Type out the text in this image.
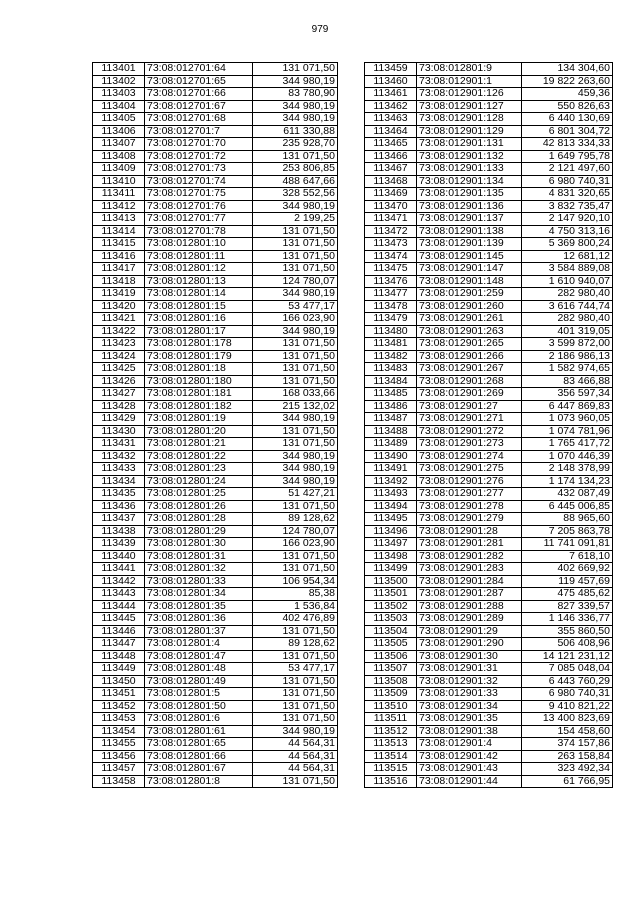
979
113401	73:08:012701:64	131 071,50
113402	73:08:012701:65	344 980,19
113403	73:08:012701:66	83 780,90
113404	73:08:012701:67	344 980,19
113405	73:08:012701:68	344 980,19
113406	73:08:012701:7	611 330,88
113407	73:08:012701:70	235 928,70
113408	73:08:012701:72	131 071,50
113409	73:08:012701:73	253 806,85
113410	73:08:012701:74	488 647,66
113411	73:08:012701:75	328 552,56
113412	73:08:012701:76	344 980,19
113413	73:08:012701:77	2 199,25
113414	73:08:012701:78	131 071,50
113415	73:08:012801:10	131 071,50
113416	73:08:012801:11	131 071,50
113417	73:08:012801:12	131 071,50
113418	73:08:012801:13	124 780,07
113419	73:08:012801:14	344 980,19
113420	73:08:012801:15	53 477,17
113421	73:08:012801:16	166 023,90
113422	73:08:012801:17	344 980,19
113423	73:08:012801:178	131 071,50
113424	73:08:012801:179	131 071,50
113425	73:08:012801:18	131 071,50
113426	73:08:012801:180	131 071,50
113427	73:08:012801:181	168 033,66
113428	73:08:012801:182	215 132,02
113429	73:08:012801:19	344 980,19
113430	73:08:012801:20	131 071,50
113431	73:08:012801:21	131 071,50
113432	73:08:012801:22	344 980,19
113433	73:08:012801:23	344 980,19
113434	73:08:012801:24	344 980,19
113435	73:08:012801:25	51 427,21
113436	73:08:012801:26	131 071,50
113437	73:08:012801:28	89 128,62
113438	73:08:012801:29	124 780,07
113439	73:08:012801:30	166 023,90
113440	73:08:012801:31	131 071,50
113441	73:08:012801:32	131 071,50
113442	73:08:012801:33	106 954,34
113443	73:08:012801:34	85,38
113444	73:08:012801:35	1 536,84
113445	73:08:012801:36	402 476,89
113446	73:08:012801:37	131 071,50
113447	73:08:012801:4	89 128,62
113448	73:08:012801:47	131 071,50
113449	73:08:012801:48	53 477,17
113450	73:08:012801:49	131 071,50
113451	73:08:012801:5	131 071,50
113452	73:08:012801:50	131 071,50
113453	73:08:012801:6	131 071,50
113454	73:08:012801:61	344 980,19
113455	73:08:012801:65	44 564,31
113456	73:08:012801:66	44 564,31
113457	73:08:012801:67	44 564,31
113458	73:08:012801:8	131 071,50
113459	73:08:012801:9	134 304,60
113460	73:08:012901:1	19 822 263,60
113461	73:08:012901:126	459,36
113462	73:08:012901:127	550 826,63
113463	73:08:012901:128	6 440 130,69
113464	73:08:012901:129	6 801 304,72
113465	73:08:012901:131	42 813 334,33
113466	73:08:012901:132	1 649 795,78
113467	73:08:012901:133	2 121 497,60
113468	73:08:012901:134	6 980 740,31
113469	73:08:012901:135	4 831 320,65
113470	73:08:012901:136	3 832 735,47
113471	73:08:012901:137	2 147 920,10
113472	73:08:012901:138	4 750 313,16
113473	73:08:012901:139	5 369 800,24
113474	73:08:012901:145	12 681,12
113475	73:08:012901:147	3 584 889,08
113476	73:08:012901:148	1 610 940,07
113477	73:08:012901:259	282 980,40
113478	73:08:012901:260	3 616 744,74
113479	73:08:012901:261	282 980,40
113480	73:08:012901:263	401 319,05
113481	73:08:012901:265	3 599 872,00
113482	73:08:012901:266	2 186 986,13
113483	73:08:012901:267	1 582 974,65
113484	73:08:012901:268	83 466,88
113485	73:08:012901:269	356 597,34
113486	73:08:012901:27	6 447 869,83
113487	73:08:012901:271	1 073 960,05
113488	73:08:012901:272	1 074 781,96
113489	73:08:012901:273	1 765 417,72
113490	73:08:012901:274	1 070 446,39
113491	73:08:012901:275	2 148 378,99
113492	73:08:012901:276	1 174 134,23
113493	73:08:012901:277	432 087,49
113494	73:08:012901:278	6 445 006,85
113495	73:08:012901:279	88 965,60
113496	73:08:012901:28	7 205 863,78
113497	73:08:012901:281	11 741 091,81
113498	73:08:012901:282	7 618,10
113499	73:08:012901:283	402 669,92
113500	73:08:012901:284	119 457,69
113501	73:08:012901:287	475 485,62
113502	73:08:012901:288	827 339,57
113503	73:08:012901:289	1 146 336,77
113504	73:08:012901:29	355 860,50
113505	73:08:012901:290	506 408,96
113506	73:08:012901:30	14 121 231,12
113507	73:08:012901:31	7 085 048,04
113508	73:08:012901:32	6 443 760,29
113509	73:08:012901:33	6 980 740,31
113510	73:08:012901:34	9 410 821,22
113511	73:08:012901:35	13 400 823,69
113512	73:08:012901:38	154 458,60
113513	73:08:012901:4	374 157,86
113514	73:08:012901:42	263 158,84
113515	73:08:012901:43	323 492,34
113516	73:08:012901:44	61 766,95
